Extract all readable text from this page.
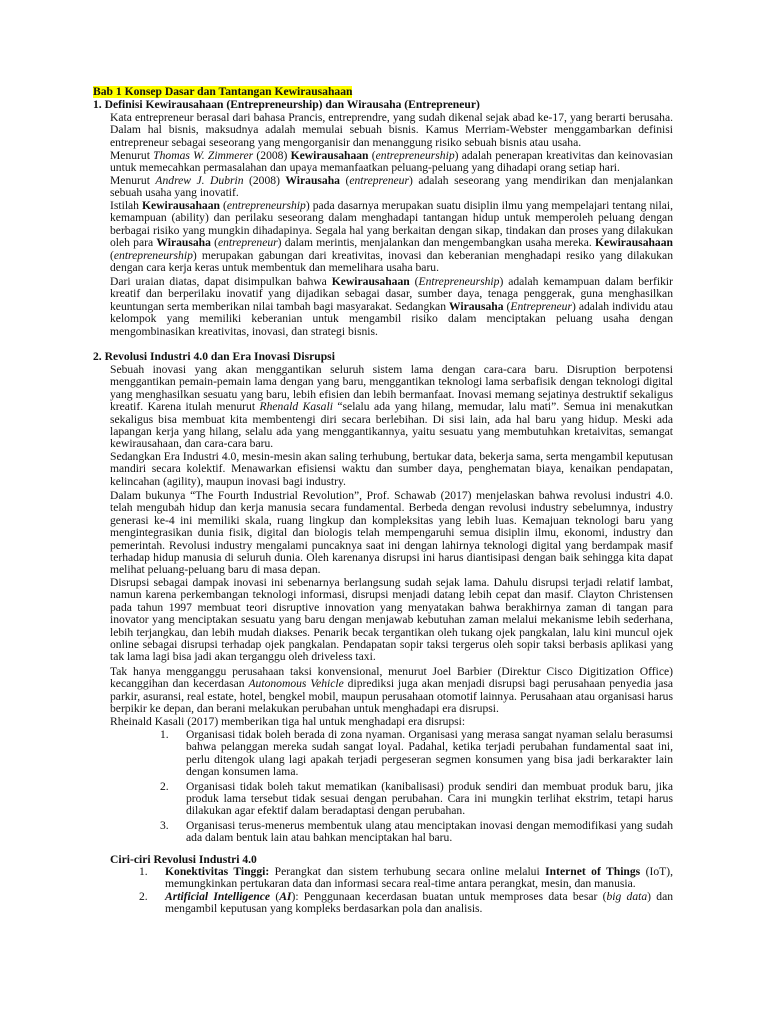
Bab 1 Konsep Dasar dan Tantangan Kewirausahaan
1. Definisi Kewirausahaan (Entrepreneurship) dan Wirausaha (Entrepreneur)

Kata entrepreneur berasal dari bahasa Prancis, entreprendre, yang sudah dikenal sejak abad ke-17, yang berarti berusaha. Dalam hal bisnis, maksudnya adalah memulai sebuah bisnis. Kamus Merriam-Webster menggambarkan definisi entrepreneur sebagai seseorang yang mengorganisir dan menanggung risiko sebuah bisnis atau usaha.

Menurut Thomas W. Zimmerer (2008) Kewirausahaan (entrepreneurship) adalah penerapan kreativitas dan keinovasian untuk memecahkan permasalahan dan upaya memanfaatkan peluang-peluang yang dihadapi orang setiap hari.

Menurut Andrew J. Dubrin (2008) Wirausaha (entrepreneur) adalah seseorang yang mendirikan dan menjalankan sebuah usaha yang inovatif.

Istilah Kewirausahaan (entrepreneurship) pada dasarnya merupakan suatu disiplin ilmu yang mempelajari tentang nilai, kemampuan (ability) dan perilaku seseorang dalam menghadapi tantangan hidup untuk memperoleh peluang dengan berbagai risiko yang mungkin dihadapinya. Segala hal yang berkaitan dengan sikap, tindakan dan proses yang dilakukan oleh para Wirausaha (entrepreneur) dalam merintis, menjalankan dan mengembangkan usaha mereka. Kewirausahaan (entrepreneurship) merupakan gabungan dari kreativitas, inovasi dan keberanian menghadapi resiko yang dilakukan dengan cara kerja keras untuk membentuk dan memelihara usaha baru.

Dari uraian diatas, dapat disimpulkan bahwa Kewirausahaan (Entrepreneurship) adalah kemampuan dalam berfikir kreatif dan berperilaku inovatif yang dijadikan sebagai dasar, sumber daya, tenaga penggerak, guna menghasilkan keuntungan serta memberikan nilai tambah bagi masyarakat. Sedangkan Wirausaha (Entrepreneur) adalah individu atau kelompok yang memiliki keberanian untuk mengambil risiko dalam menciptakan peluang usaha dengan mengombinasikan kreativitas, inovasi, dan strategi bisnis.

2. Revolusi Industri 4.0 dan Era Inovasi Disrupsi

Sebuah inovasi yang akan menggantikan seluruh sistem lama dengan cara-cara baru. Disruption berpotensi menggantikan pemain-pemain lama dengan yang baru, menggantikan teknologi lama serbafisik dengan teknologi digital yang menghasilkan sesuatu yang baru, lebih efisien dan lebih bermanfaat. Inovasi memang sejatinya destruktif sekaligus kreatif. Karena itulah menurut Rhenald Kasali “selalu ada yang hilang, memudar, lalu mati”. Semua ini menakutkan sekaligus bisa membuat kita membentengi diri secara berlebihan. Di sisi lain, ada hal baru yang hidup. Meski ada lapangan kerja yang hilang, selalu ada yang menggantikannya, yaitu sesuatu yang membutuhkan kretaivitas, semangat kewirausahaan, dan cara-cara baru.

Sedangkan Era Industri 4.0, mesin-mesin akan saling terhubung, bertukar data, bekerja sama, serta mengambil keputusan mandiri secara kolektif. Menawarkan efisiensi waktu dan sumber daya, penghematan biaya, kenaikan pendapatan, kelincahan (agility), maupun inovasi bagi industry.

Dalam bukunya “The Fourth Industrial Revolution”, Prof. Schawab (2017) menjelaskan bahwa revolusi industri 4.0. telah mengubah hidup dan kerja manusia secara fundamental. Berbeda dengan revolusi industry sebelumnya, industry generasi ke-4 ini memiliki skala, ruang lingkup dan kompleksitas yang lebih luas. Kemajuan teknologi baru yang mengintegrasikan dunia fisik, digital dan biologis telah mempengaruhi semua disiplin ilmu, ekonomi, industry dan pemerintah. Revolusi industry mengalami puncaknya saat ini dengan lahirnya teknologi digital yang berdampak masif terhadap hidup manusia di seluruh dunia. Oleh karenanya disrupsi ini harus diantisipasi dengan baik sehingga kita dapat melihat peluang-peluang baru di masa depan.

Disrupsi sebagai dampak inovasi ini sebenarnya berlangsung sudah sejak lama. Dahulu disrupsi terjadi relatif lambat, namun karena perkembangan teknologi informasi, disrupsi menjadi datang lebih cepat dan masif. Clayton Christensen pada tahun 1997 membuat teori disruptive innovation yang menyatakan bahwa berakhirnya zaman di tangan para inovator yang menciptakan sesuatu yang baru dengan menjawab kebutuhan zaman melalui mekanisme lebih sederhana, lebih terjangkau, dan lebih mudah diakses. Penarik becak tergantikan oleh tukang ojek pangkalan, lalu kini muncul ojek online sebagai disrupsi terhadap ojek pangkalan. Pendapatan sopir taksi tergerus oleh sopir taksi berbasis aplikasi yang tak lama lagi bisa jadi akan terganggu oleh driveless taxi.

Tak hanya mengganggu perusahaan taksi konvensional, menurut Joel Barbier (Direktur Cisco Digitization Office) kecanggihan dan kecerdasan Autonomous Vehicle diprediksi juga akan menjadi disrupsi bagi perusahaan penyedia jasa parkir, asuransi, real estate, hotel, bengkel mobil, maupun perusahaan otomotif lainnya. Perusahaan atau organisasi harus berpikir ke depan, dan berani melakukan perubahan untuk menghadapi era disrupsi.

Rheinald Kasali (2017) memberikan tiga hal untuk menghadapi era disrupsi:

1. Organisasi tidak boleh berada di zona nyaman. Organisasi yang merasa sangat nyaman selalu berasumsi bahwa pelanggan mereka sudah sangat loyal. Padahal, ketika terjadi perubahan fundamental saat ini, perlu ditengok ulang lagi apakah terjadi pergeseran segmen konsumen yang bisa jadi berkarakter lain dengan konsumen lama.
2. Organisasi tidak boleh takut mematikan (kanibalisasi) produk sendiri dan membuat produk baru, jika produk lama tersebut tidak sesuai dengan perubahan. Cara ini mungkin terlihat ekstrim, tetapi harus dilakukan agar efektif dalam beradaptasi dengan perubahan.
3. Organisasi terus-menerus membentuk ulang atau menciptakan inovasi dengan memodifikasi yang sudah ada dalam bentuk lain atau bahkan menciptakan hal baru.
Ciri-ciri Revolusi Industri 4.0
1. Konektivitas Tinggi: Perangkat dan sistem terhubung secara online melalui Internet of Things (IoT), memungkinkan pertukaran data dan informasi secara real-time antara perangkat, mesin, dan manusia.
2. Artificial Intelligence (AI): Penggunaan kecerdasan buatan untuk memproses data besar (big data) dan mengambil keputusan yang kompleks berdasarkan pola dan analisis.
